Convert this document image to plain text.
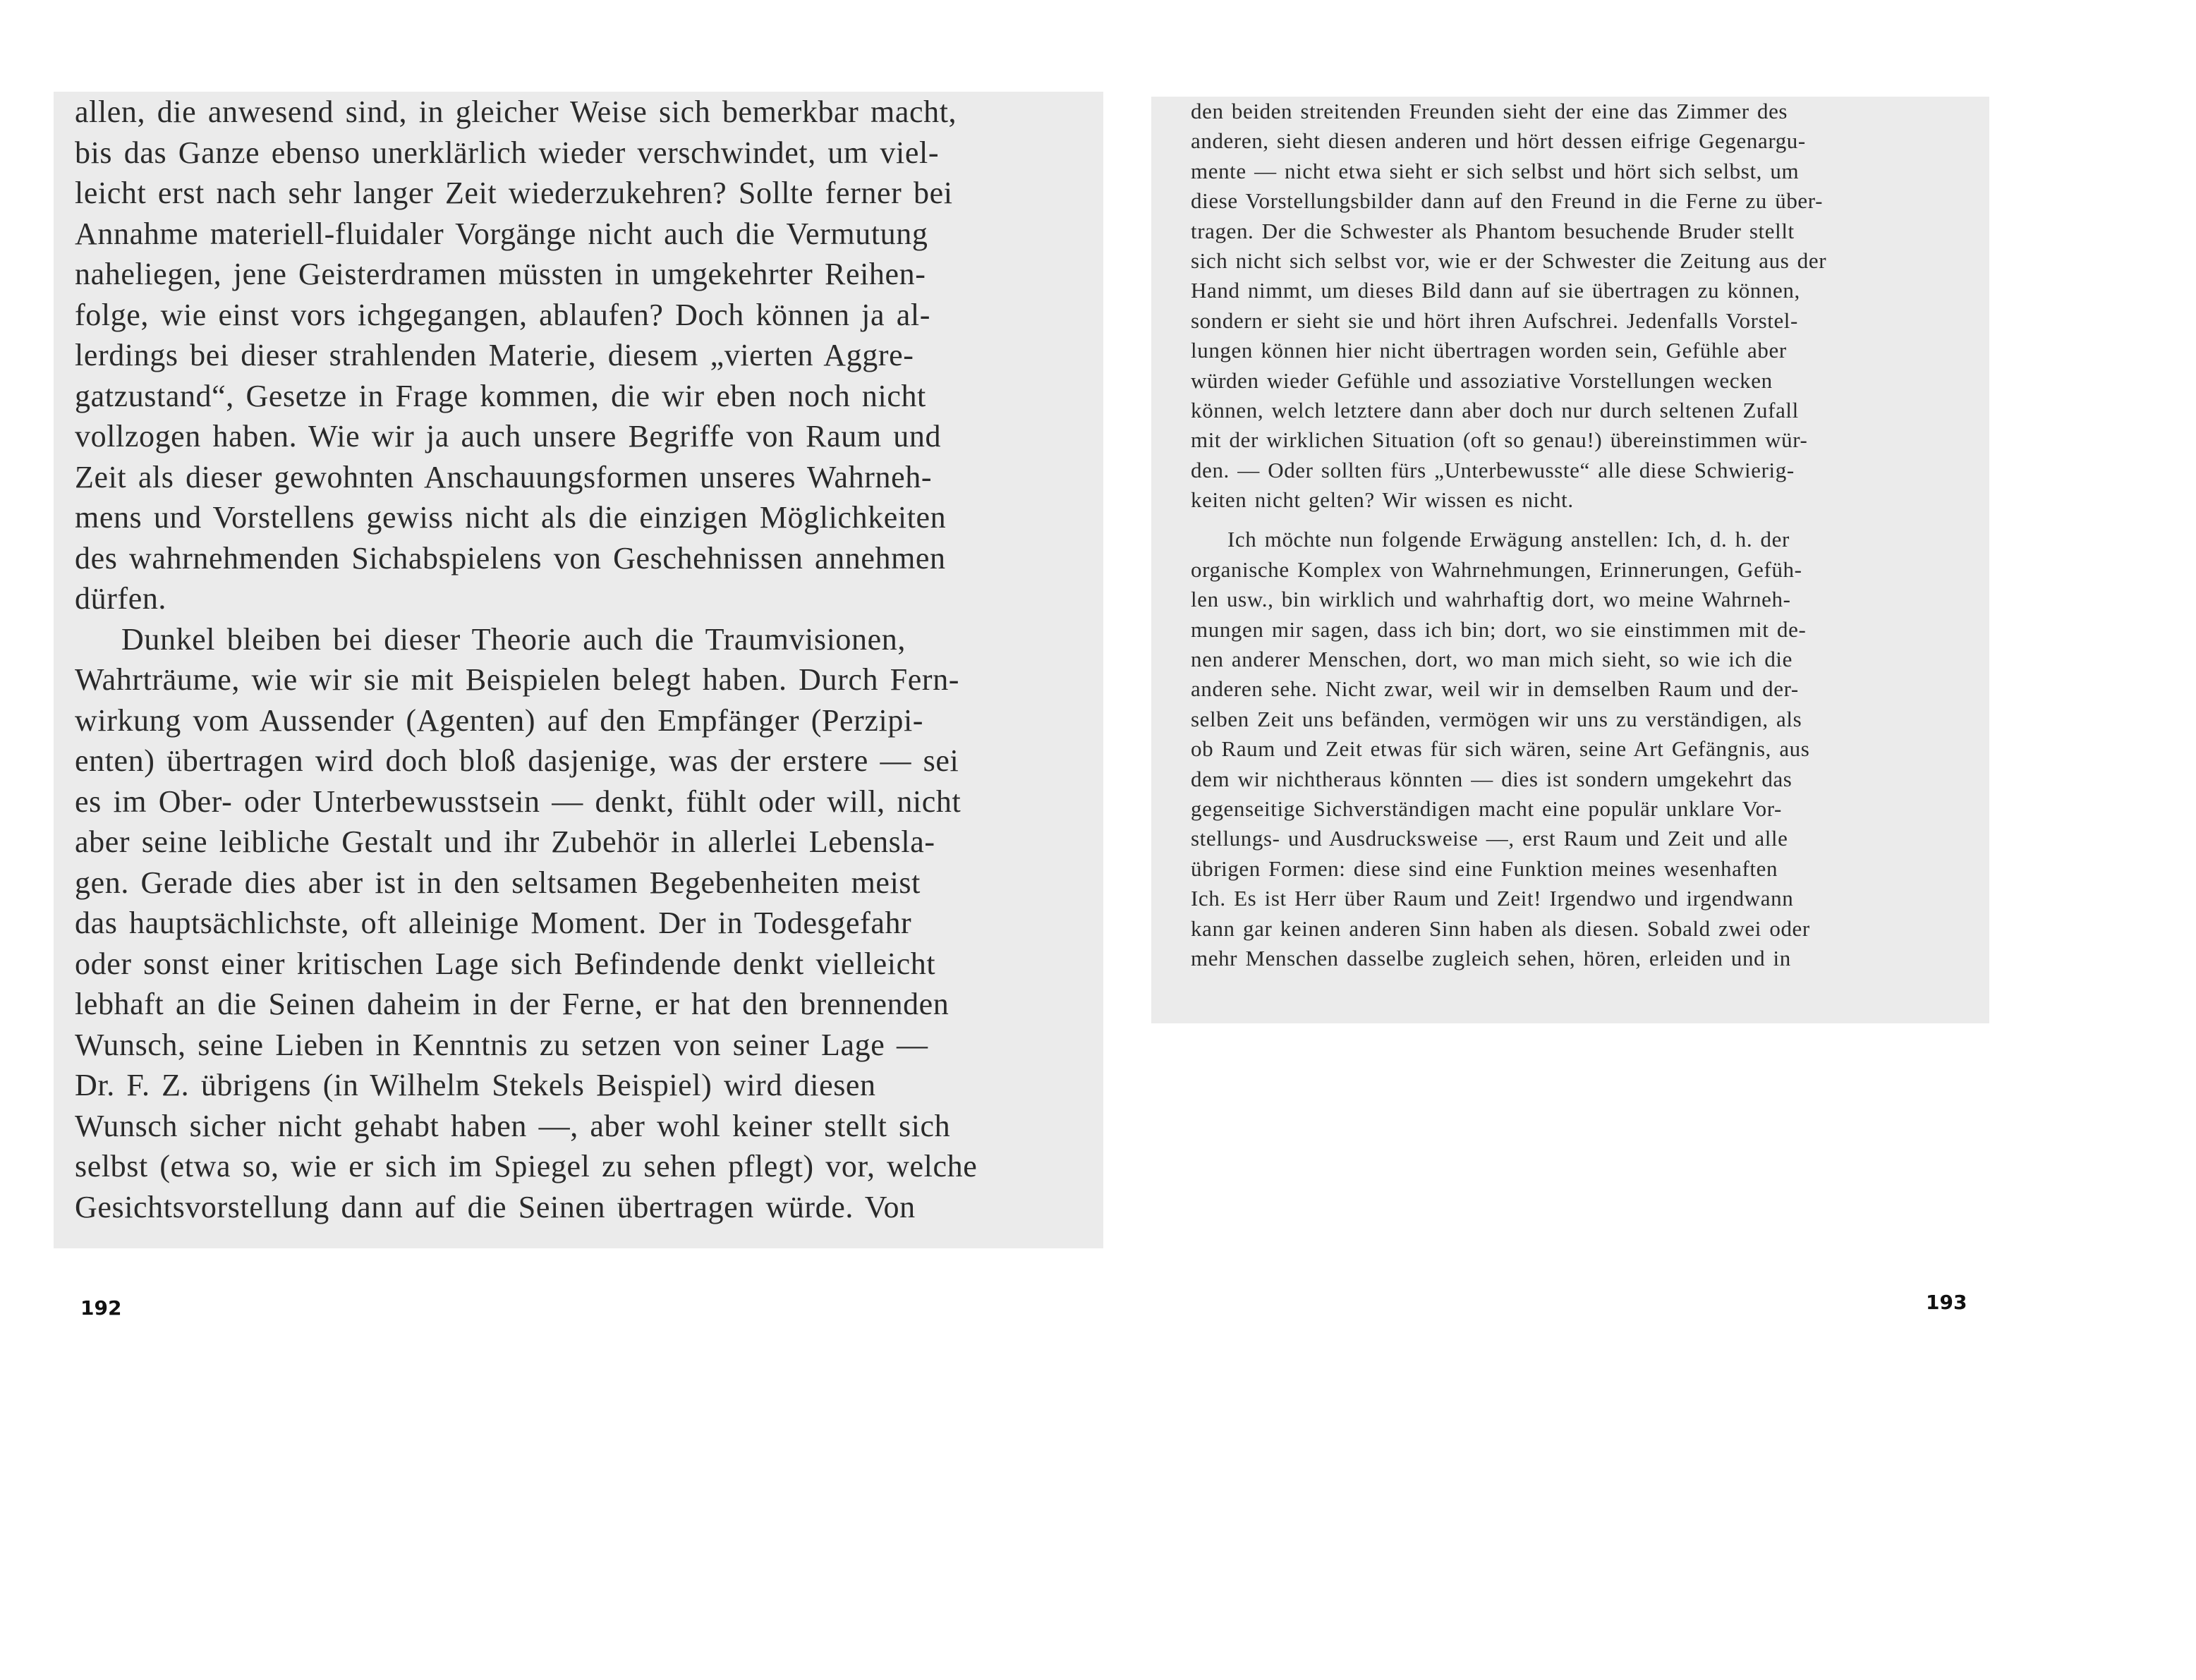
allen, die anwesend sind, in gleicher Weise sich bemerkbar macht,
bis das Ganze ebenso unerklärlich wieder verschwindet, um viel-
leicht erst nach sehr langer Zeit wiederzukehren? Sollte ferner bei
Annahme materiell-fluidaler Vorgänge nicht auch die Vermutung
naheliegen, jene Geisterdramen müssten in umgekehrter Reihen-
folge, wie einst vors ichgegangen, ablaufen? Doch können ja al-
lerdings bei dieser strahlenden Materie, diesem „vierten Aggre-
gatzustand“, Gesetze in Frage kommen, die wir eben noch nicht
vollzogen haben. Wie wir ja auch unsere Begriffe von Raum und
Zeit als dieser gewohnten Anschauungsformen unseres Wahrneh-
mens und Vorstellens gewiss nicht als die einzigen Möglichkeiten
des wahrnehmenden Sichabspielens von Geschehnissen annehmen
dürfen.
Dunkel bleiben bei dieser Theorie auch die Traumvisionen,
Wahrträume, wie wir sie mit Beispielen belegt haben. Durch Fern-
wirkung vom Aussender (Agenten) auf den Empfänger (Perzipi-
enten) übertragen wird doch bloß dasjenige, was der erstere — sei
es im Ober- oder Unterbewusstsein — denkt, fühlt oder will, nicht
aber seine leibliche Gestalt und ihr Zubehör in allerlei Lebensla-
gen. Gerade dies aber ist in den seltsamen Begebenheiten meist
das hauptsächlichste, oft alleinige Moment. Der in Todesgefahr
oder sonst einer kritischen Lage sich Befindende denkt vielleicht
lebhaft an die Seinen daheim in der Ferne, er hat den brennenden
Wunsch, seine Lieben in Kenntnis zu setzen von seiner Lage —
Dr. F. Z. übrigens (in Wilhelm Stekels Beispiel) wird diesen
Wunsch sicher nicht gehabt haben —, aber wohl keiner stellt sich
selbst (etwa so, wie er sich im Spiegel zu sehen pflegt) vor, welche
Gesichtsvorstellung dann auf die Seinen übertragen würde. Von
192
den beiden streitenden Freunden sieht der eine das Zimmer des
anderen, sieht diesen anderen und hört dessen eifrige Gegenargu-
mente — nicht etwa sieht er sich selbst und hört sich selbst, um
diese Vorstellungsbilder dann auf den Freund in die Ferne zu über-
tragen. Der die Schwester als Phantom besuchende Bruder stellt
sich nicht sich selbst vor, wie er der Schwester die Zeitung aus der
Hand nimmt, um dieses Bild dann auf sie übertragen zu können,
sondern er sieht sie und hört ihren Aufschrei. Jedenfalls Vorstel-
lungen können hier nicht übertragen worden sein, Gefühle aber
würden wieder Gefühle und assoziative Vorstellungen wecken
können, welch letztere dann aber doch nur durch seltenen Zufall
mit der wirklichen Situation (oft so genau!) übereinstimmen wür-
den. — Oder sollten fürs „Unterbewusste“ alle diese Schwierig-
keiten nicht gelten? Wir wissen es nicht.
Ich möchte nun folgende Erwägung anstellen: Ich, d. h. der
organische Komplex von Wahrnehmungen, Erinnerungen, Gefüh-
len usw., bin wirklich und wahrhaftig dort, wo meine Wahrneh-
mungen mir sagen, dass ich bin; dort, wo sie einstimmen mit de-
nen anderer Menschen, dort, wo man mich sieht, so wie ich die
anderen sehe. Nicht zwar, weil wir in demselben Raum und der-
selben Zeit uns befänden, vermögen wir uns zu verständigen, als
ob Raum und Zeit etwas für sich wären, seine Art Gefängnis, aus
dem wir nichtheraus könnten — dies ist sondern umgekehrt das
gegenseitige Sichverständigen macht eine populär unklare Vor-
stellungs- und Ausdrucksweise —, erst Raum und Zeit und alle
übrigen Formen: diese sind eine Funktion meines wesenhaften
Ich. Es ist Herr über Raum und Zeit! Irgendwo und irgendwann
kann gar keinen anderen Sinn haben als diesen. Sobald zwei oder
mehr Menschen dasselbe zugleich sehen, hören, erleiden und in
193
